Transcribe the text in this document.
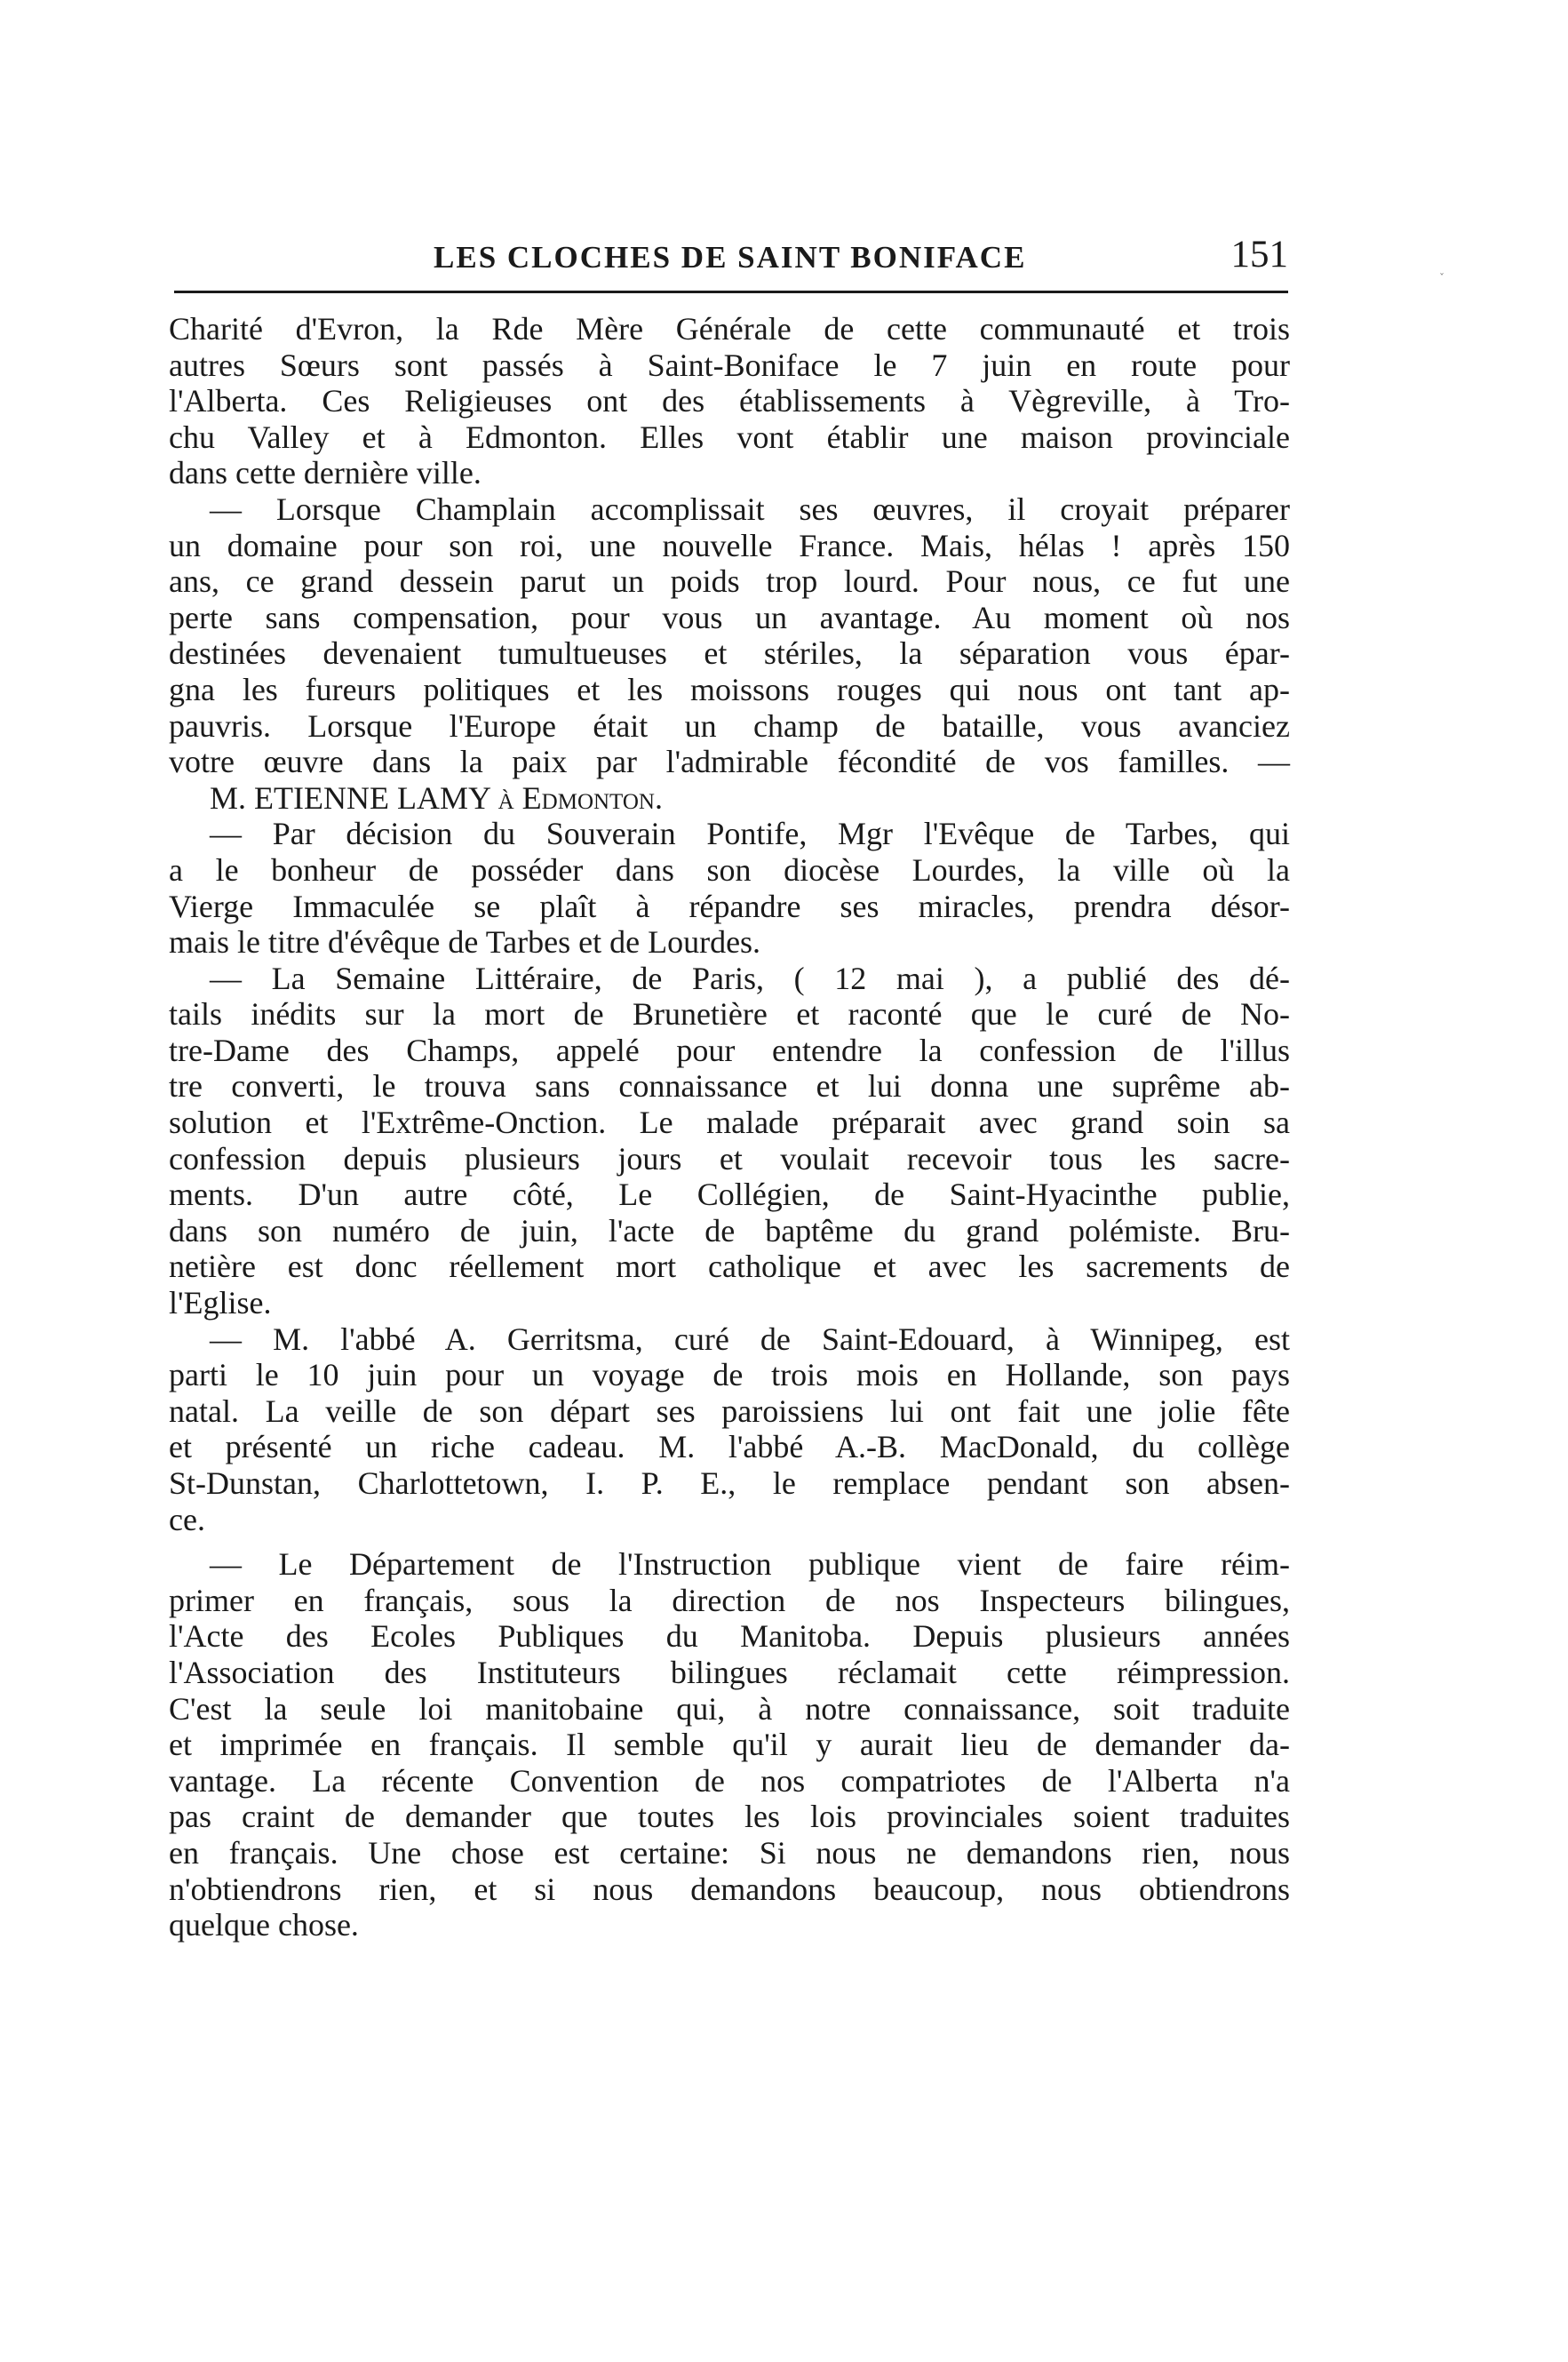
LES CLOCHES DE SAINT BONIFACE	151
ˇ
Charité d'Evron, la Rde Mère Générale de cette communauté et trois
autres Sœurs sont passés à Saint-Boniface le 7 juin en route pour
l'Alberta. Ces Religieuses ont des établissements à Vègreville, à Tro-
chu Valley et à Edmonton. Elles vont établir une maison provinciale
dans cette dernière ville.
— Lorsque Champlain accomplissait ses œuvres, il croyait préparer
un domaine pour son roi, une nouvelle France. Mais, hélas ! après 150
ans, ce grand dessein parut un poids trop lourd. Pour nous, ce fut une
perte sans compensation, pour vous un avantage. Au moment où nos
destinées devenaient tumultueuses et stériles, la séparation vous épar-
gna les fureurs politiques et les moissons rouges qui nous ont tant ap-
pauvris. Lorsque l'Europe était un champ de bataille, vous avanciez
votre œuvre dans la paix par l'admirable fécondité de vos familles. —
M. ETIENNE LAMY à Edmonton.
— Par décision du Souverain Pontife, Mgr l'Evêque de Tarbes, qui
a le bonheur de posséder dans son diocèse Lourdes, la ville où la
Vierge Immaculée se plaît à répandre ses miracles, prendra désor-
mais le titre d'évêque de Tarbes et de Lourdes.
— La Semaine Littéraire, de Paris, ( 12 mai ), a publié des dé-
tails inédits sur la mort de Brunetière et raconté que le curé de No-
tre-Dame des Champs, appelé pour entendre la confession de l'illus
tre converti, le trouva sans connaissance et lui donna une suprême ab-
solution et l'Extrême-Onction. Le malade préparait avec grand soin sa
confession depuis plusieurs jours et voulait recevoir tous les sacre-
ments. D'un autre côté, Le Collégien, de Saint-Hyacinthe publie,
dans son numéro de juin, l'acte de baptême du grand polémiste. Bru-
netière est donc réellement mort catholique et avec les sacrements de
l'Eglise.
— M. l'abbé A. Gerritsma, curé de Saint-Edouard, à Winnipeg, est
parti le 10 juin pour un voyage de trois mois en Hollande, son pays
natal. La veille de son départ ses paroissiens lui ont fait une jolie fête
et présenté un riche cadeau. M. l'abbé A.-B. MacDonald, du collège
St-Dunstan, Charlottetown, I. P. E., le remplace pendant son absen-
ce.
— Le Département de l'Instruction publique vient de faire réim-
primer en français, sous la direction de nos Inspecteurs bilingues,
l'Acte des Ecoles Publiques du Manitoba. Depuis plusieurs années
l'Association des Instituteurs bilingues réclamait cette réimpression.
C'est la seule loi manitobaine qui, à notre connaissance, soit traduite
et imprimée en français. Il semble qu'il y aurait lieu de demander da-
vantage. La récente Convention de nos compatriotes de l'Alberta n'a
pas craint de demander que toutes les lois provinciales soient traduites
en français. Une chose est certaine: Si nous ne demandons rien, nous
n'obtiendrons rien, et si nous demandons beaucoup, nous obtiendrons
quelque chose.
